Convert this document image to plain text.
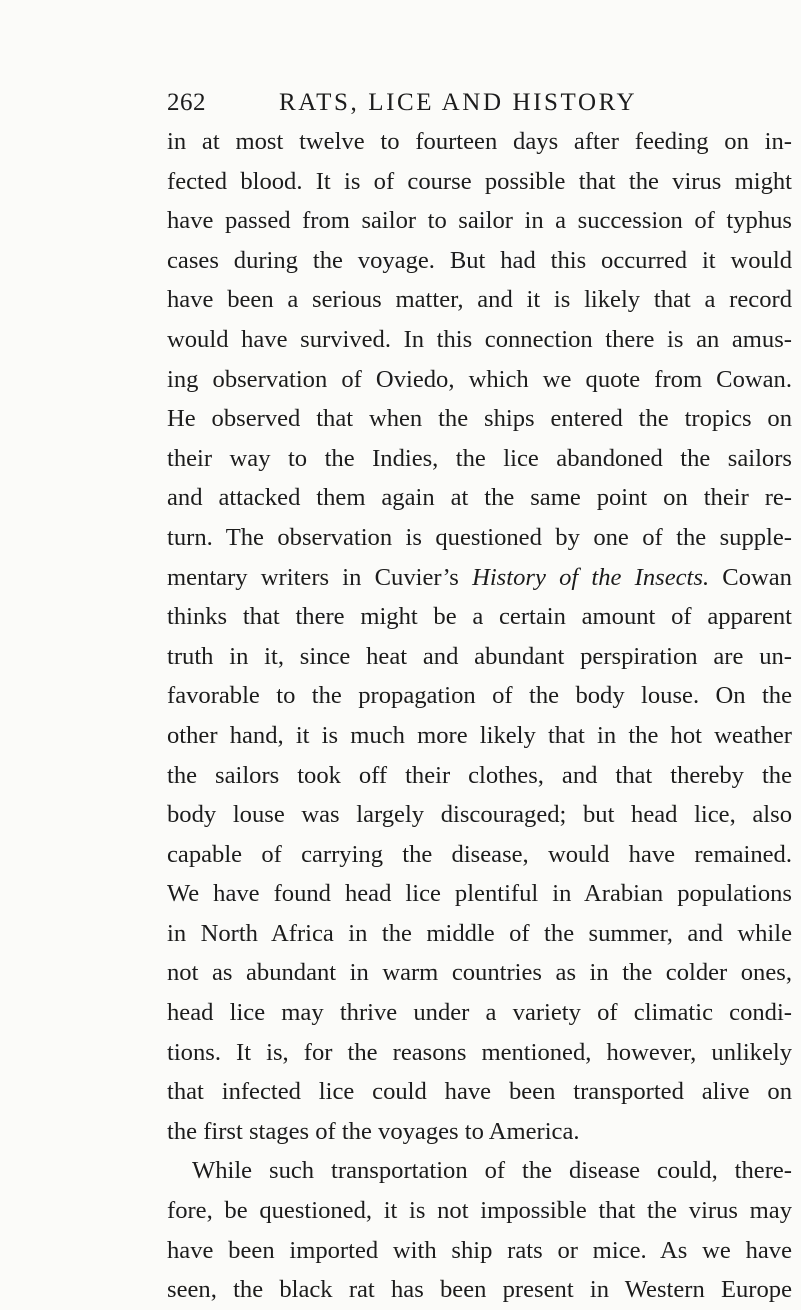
262	RATS, LICE AND HISTORY
in at most twelve to fourteen days after feeding on in-
fected blood. It is of course possible that the virus might
have passed from sailor to sailor in a succession of typhus
cases during the voyage. But had this occurred it would
have been a serious matter, and it is likely that a record
would have survived. In this connection there is an amus-
ing observation of Oviedo, which we quote from Cowan.
He observed that when the ships entered the tropics on
their way to the Indies, the lice abandoned the sailors
and attacked them again at the same point on their re-
turn. The observation is questioned by one of the supple-
mentary writers in Cuvier’s History of the Insects. Cowan
thinks that there might be a certain amount of apparent
truth in it, since heat and abundant perspiration are un-
favorable to the propagation of the body louse. On the
other hand, it is much more likely that in the hot weather
the sailors took off their clothes, and that thereby the
body louse was largely discouraged; but head lice, also
capable of carrying the disease, would have remained.
We have found head lice plentiful in Arabian populations
in North Africa in the middle of the summer, and while
not as abundant in warm countries as in the colder ones,
head lice may thrive under a variety of climatic condi-
tions. It is, for the reasons mentioned, however, unlikely
that infected lice could have been transported alive on
the first stages of the voyages to America.
While such transportation of the disease could, there-
fore, be questioned, it is not impossible that the virus may
have been imported with ship rats or mice. As we have
seen, the black rat has been present in Western Europe
